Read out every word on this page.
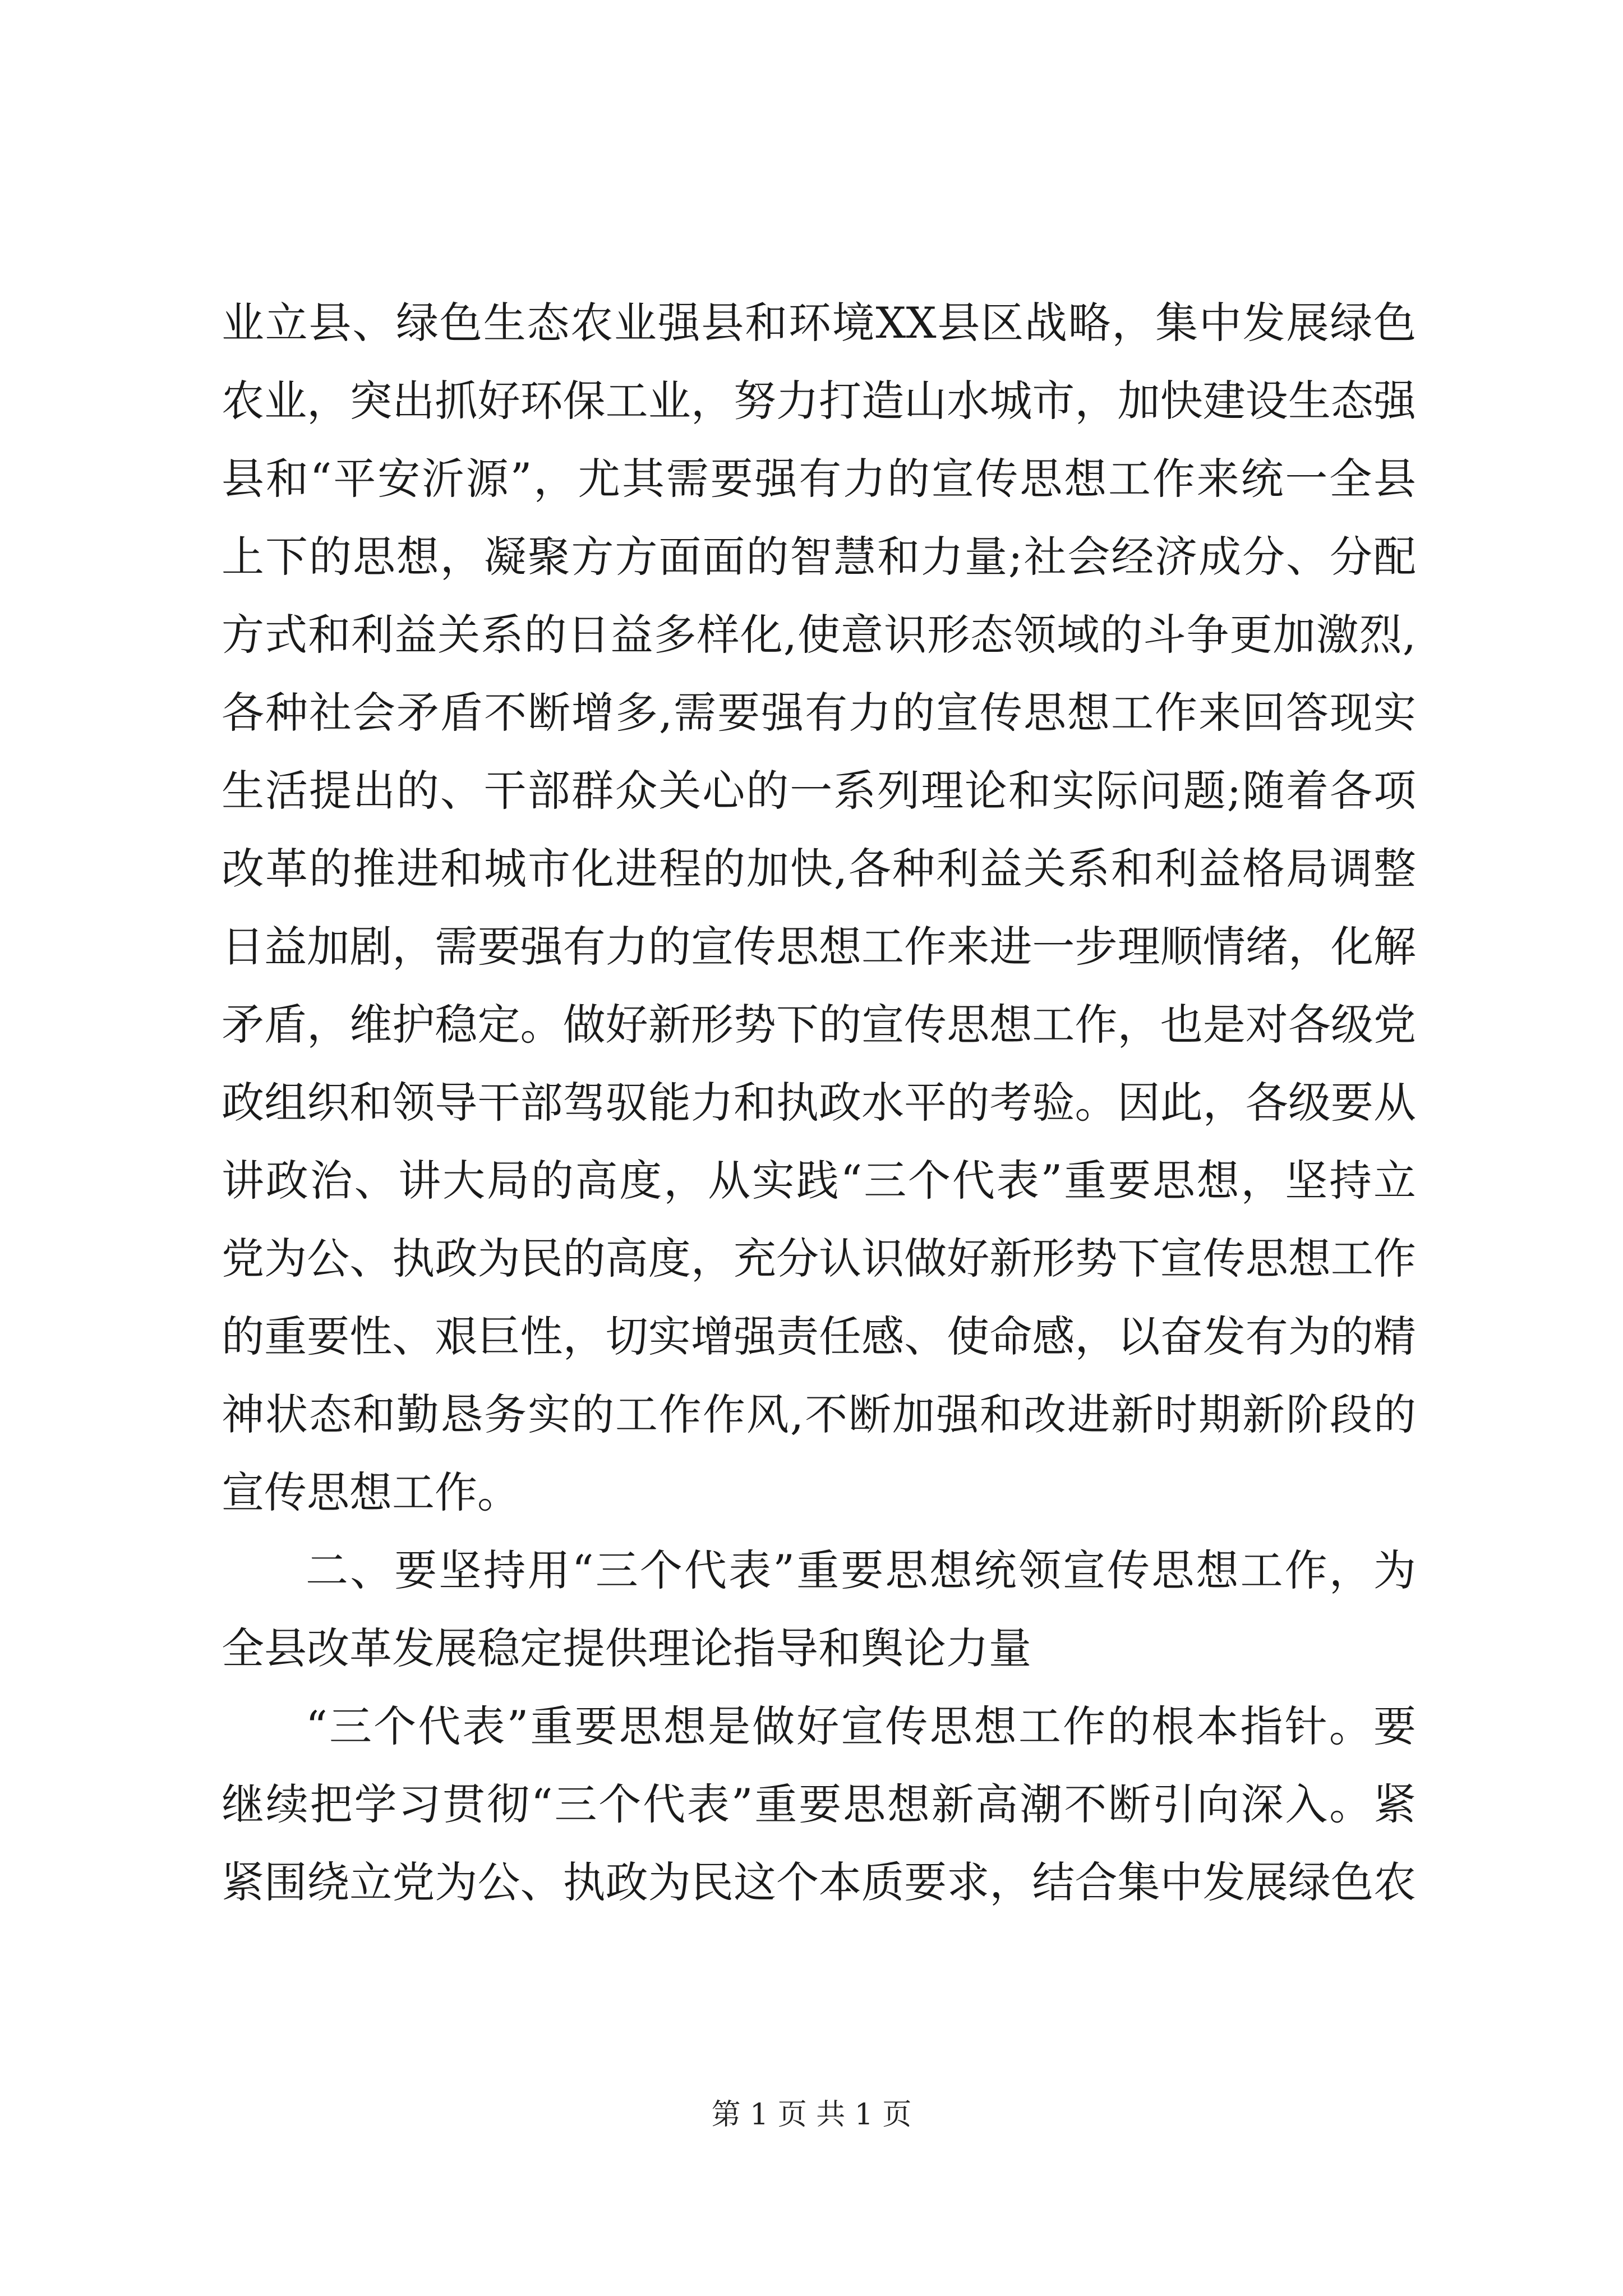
业立县、绿色生态农业强县和环境XX县区战略，集中发展绿色
农业，突出抓好环保工业，努力打造山水城市，加快建设生态强
县和“平安沂源”，尤其需要强有力的宣传思想工作来统一全县
上下的思想，凝聚方方面面的智慧和力量;社会经济成分、分配
方式和利益关系的日益多样化,使意识形态领域的斗争更加激烈,
各种社会矛盾不断增多,需要强有力的宣传思想工作来回答现实
生活提出的、干部群众关心的一系列理论和实际问题;随着各项
改革的推进和城市化进程的加快,各种利益关系和利益格局调整
日益加剧，需要强有力的宣传思想工作来进一步理顺情绪，化解
矛盾，维护稳定。做好新形势下的宣传思想工作，也是对各级党
政组织和领导干部驾驭能力和执政水平的考验。因此，各级要从
讲政治、讲大局的高度，从实践“三个代表”重要思想，坚持立
党为公、执政为民的高度，充分认识做好新形势下宣传思想工作
的重要性、艰巨性，切实增强责任感、使命感，以奋发有为的精
神状态和勤恳务实的工作作风,不断加强和改进新时期新阶段的
宣传思想工作。
二、要坚持用“三个代表”重要思想统领宣传思想工作，为
全县改革发展稳定提供理论指导和舆论力量
“三个代表”重要思想是做好宣传思想工作的根本指针。要
继续把学习贯彻“三个代表”重要思想新高潮不断引向深入。紧
紧围绕立党为公、执政为民这个本质要求，结合集中发展绿色农
第 1 页 共 1 页
